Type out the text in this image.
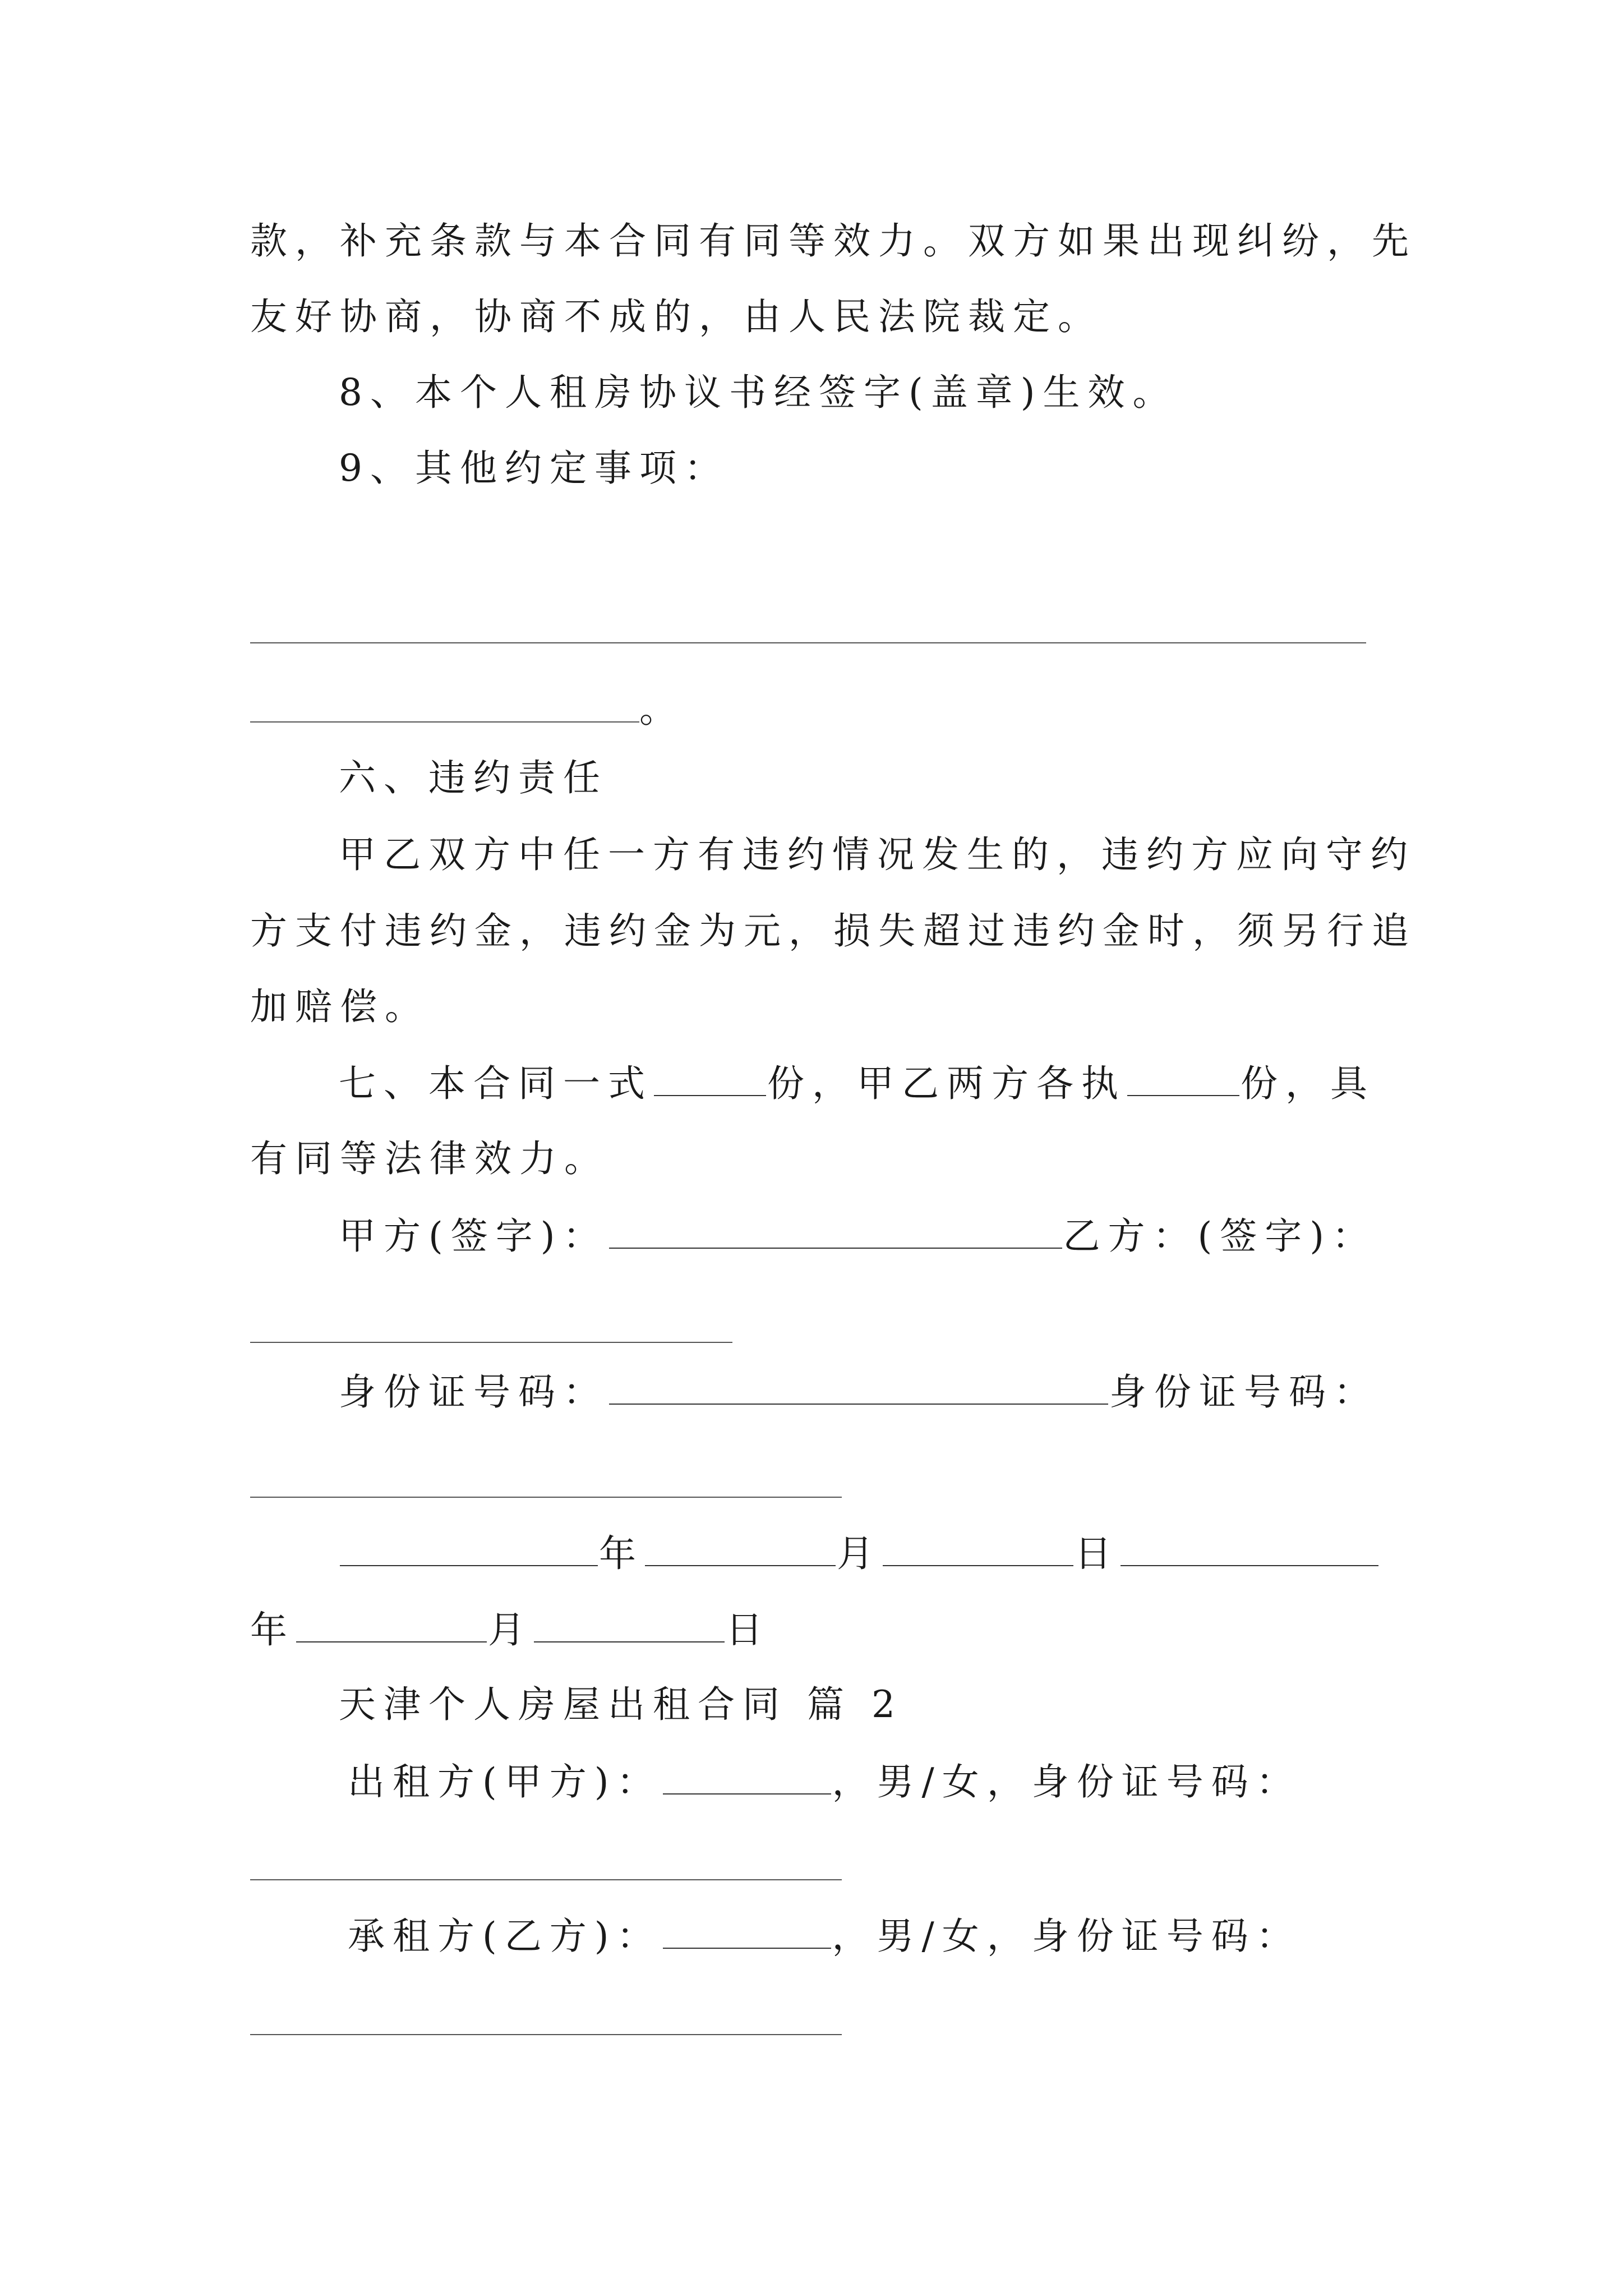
款，补充条款与本合同有同等效力。双方如果出现纠纷，先
友好协商，协商不成的，由人民法院裁定。
8、本个人租房协议书经签字(盖章)生效。
9、其他约定事项：
。
六、违约责任
甲乙双方中任一方有违约情况发生的，违约方应向守约
方支付违约金，违约金为元，损失超过违约金时，须另行追
加赔偿。
七、本合同一式	份，甲乙两方各执	份，具
有同等法律效力。
甲方(签字)：	乙方：(签字)：
身份证号码：	身份证号码：
年	月	日
年	月	日
天津个人房屋出租合同 篇 2
出租方(甲方)：	，男/女，身份证号码：
承租方(乙方)：	，男/女，身份证号码：
